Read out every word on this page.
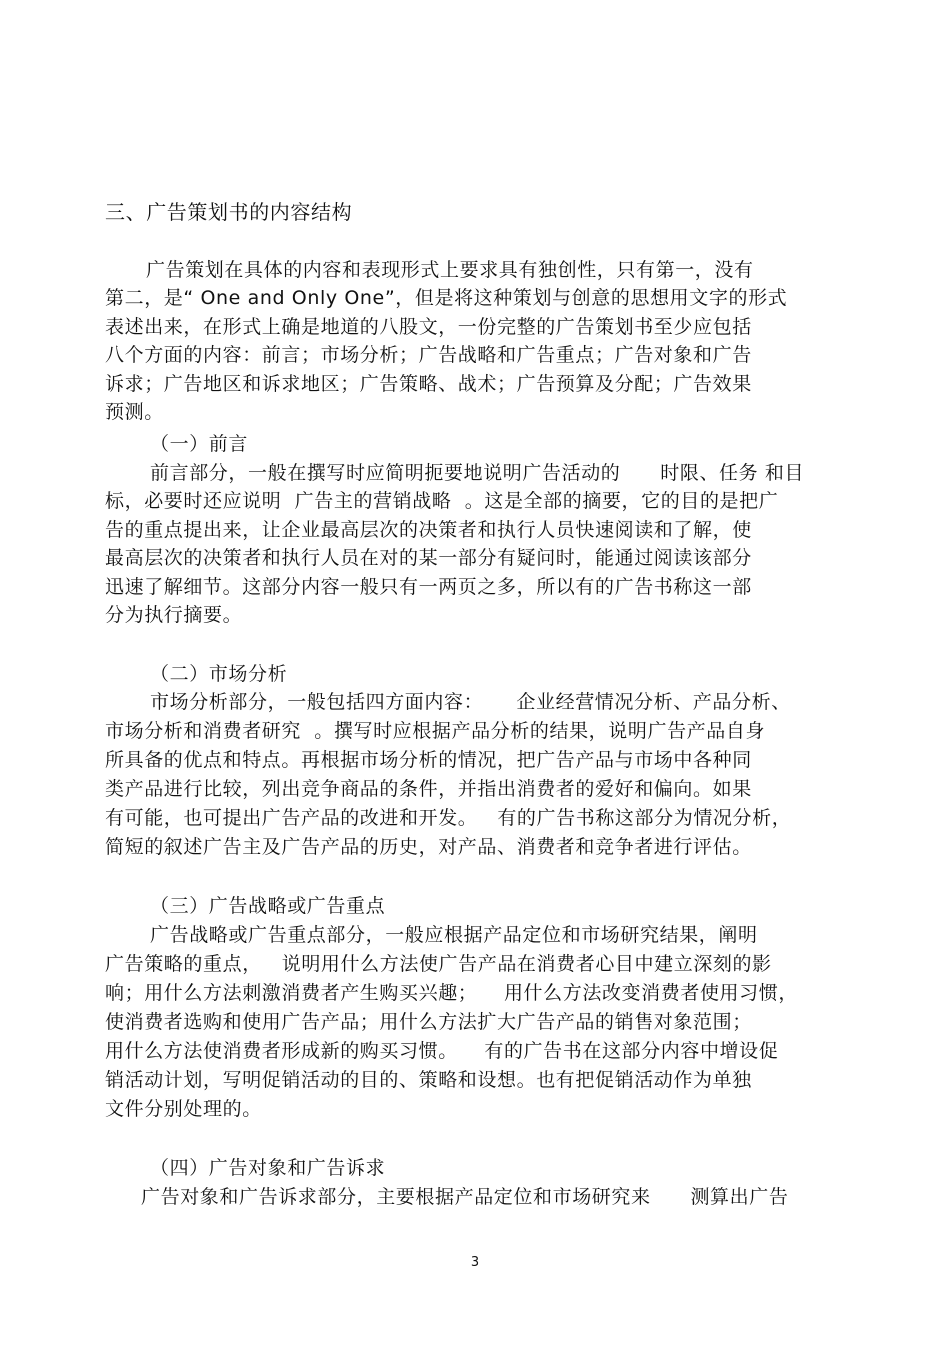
三、广告策划书的内容结构
广告策划在具体的内容和表现形式上要求具有独创性，只有第一，没有
第二，是“ One and Only One”，但是将这种策划与创意的思想用文字的形式
表述出来，在形式上确是地道的八股文，一份完整的广告策划书至少应包括
八个方面的内容：前言；市场分析；广告战略和广告重点；广告对象和广告
诉求；广告地区和诉求地区；广告策略、战术；广告预算及分配；广告效果
预测。
（一）前言
前言部分，一般在撰写时应简明扼要地说明广告活动的      时限、任务 和目
标，必要时还应说明  广告主的营销战略  。这是全部的摘要，它的目的是把广
告的重点提出来，让企业最高层次的决策者和执行人员快速阅读和了解，使
最高层次的决策者和执行人员在对的某一部分有疑问时，能通过阅读该部分
迅速了解细节。这部分内容一般只有一两页之多，所以有的广告书称这一部
分为执行摘要。
（二）市场分析
市场分析部分，一般包括四方面内容：     企业经营情况分析、产品分析、
市场分析和消费者研究  。撰写时应根据产品分析的结果，说明广告产品自身
所具备的优点和特点。再根据市场分析的情况，把广告产品与市场中各种同
类产品进行比较，列出竞争商品的条件，并指出消费者的爱好和偏向。如果
有可能，也可提出广告产品的改进和开发。   有的广告书称这部分为情况分析，
简短的叙述广告主及广告产品的历史，对产品、消费者和竞争者进行评估。
（三）广告战略或广告重点
广告战略或广告重点部分，一般应根据产品定位和市场研究结果，阐明
广告策略的重点，   说明用什么方法使广告产品在消费者心目中建立深刻的影
响；用什么方法刺激消费者产生购买兴趣；    用什么方法改变消费者使用习惯，
使消费者选购和使用广告产品；用什么方法扩大广告产品的销售对象范围；
用什么方法使消费者形成新的购买习惯。    有的广告书在这部分内容中增设促
销活动计划，写明促销活动的目的、策略和设想。也有把促销活动作为单独
文件分别处理的。
（四）广告对象和广告诉求
广告对象和广告诉求部分，主要根据产品定位和市场研究来      测算出广告
3
